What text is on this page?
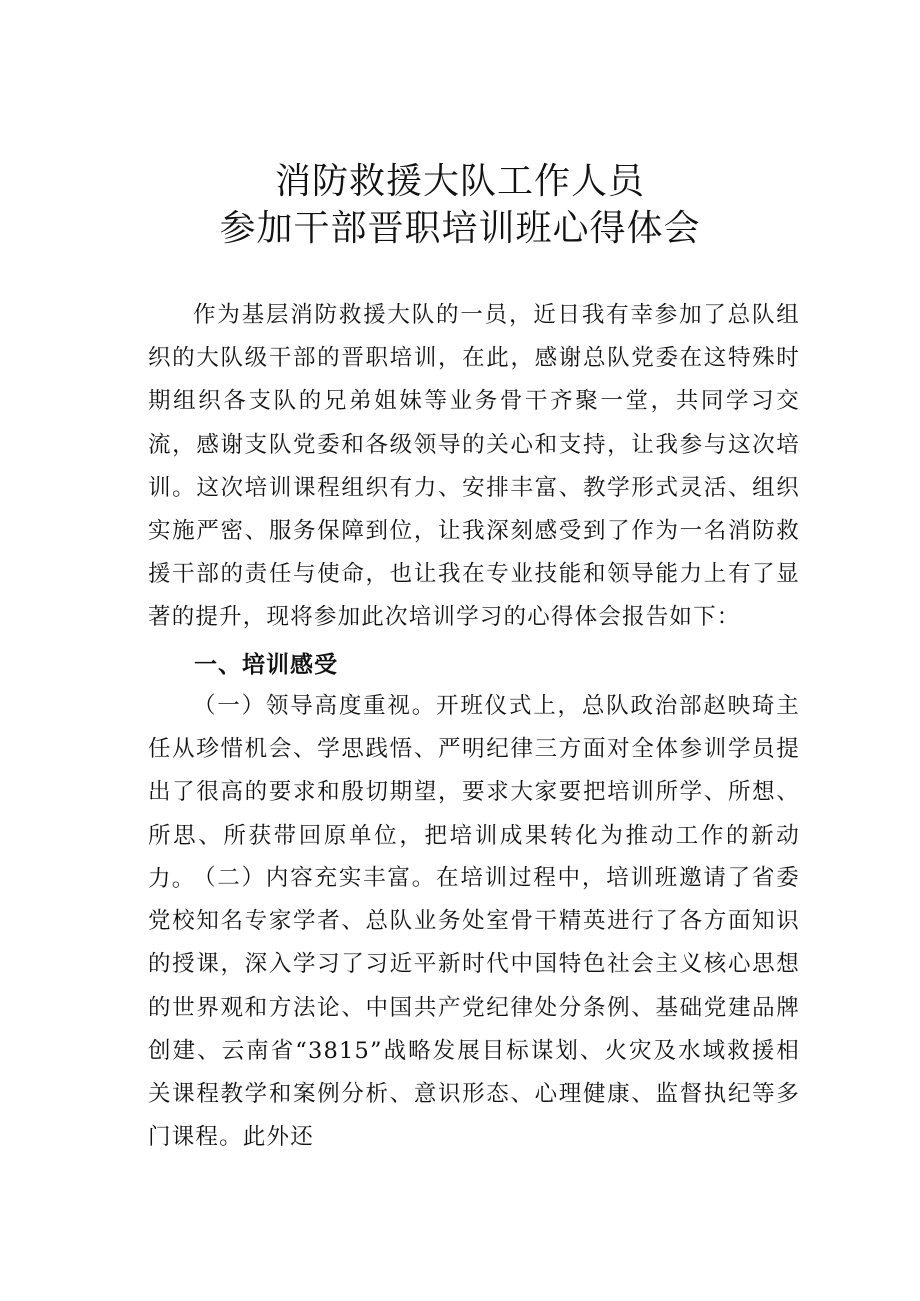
消防救援大队工作人员
参加干部晋职培训班心得体会

作为基层消防救援大队的一员，近日我有幸参加了总队组织的大队级干部的晋职培训，在此，感谢总队党委在这特殊时期组织各支队的兄弟姐妹等业务骨干齐聚一堂，共同学习交流，感谢支队党委和各级领导的关心和支持，让我参与这次培训。这次培训课程组织有力、安排丰富、教学形式灵活、组织实施严密、服务保障到位，让我深刻感受到了作为一名消防救援干部的责任与使命，也让我在专业技能和领导能力上有了显著的提升，现将参加此次培训学习的心得体会报告如下：

一、培训感受

（一）领导高度重视。开班仪式上，总队政治部赵映琦主任从珍惜机会、学思践悟、严明纪律三方面对全体参训学员提出了很高的要求和殷切期望，要求大家要把培训所学、所想、所思、所获带回原单位，把培训成果转化为推动工作的新动力。

（二）内容充实丰富。在培训过程中，培训班邀请了省委党校知名专家学者、总队业务处室骨干精英进行了各方面知识的授课，深入学习了习近平新时代中国特色社会主义核心思想的世界观和方法论、中国共产党纪律处分条例、基础党建品牌创建、云南省“3815”战略发展目标谋划、火灾及水域救援相关课程教学和案例分析、意识形态、心理健康、监督执纪等多门课程。此外还
